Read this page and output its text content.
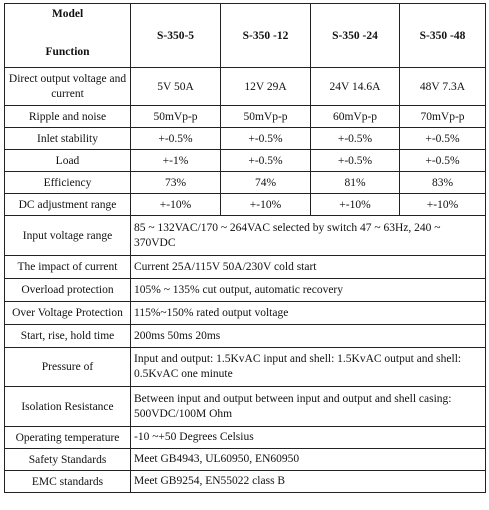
Model
Function	S-350-5	S-350 -12	S-350 -24	S-350 -48
Direct output voltage and current	5V 50A	12V 29A	24V 14.6A	48V 7.3A
Ripple and noise	50mVp-p	50mVp-p	60mVp-p	70mVp-p
Inlet stability	+-0.5%	+-0.5%	+-0.5%	+-0.5%
Load	+-1%	+-0.5%	+-0.5%	+-0.5%
Efficiency	73%	74%	81%	83%
DC adjustment range	+-10%	+-10%	+-10%	+-10%
Input voltage range	85 ~ 132VAC/170 ~ 264VAC selected by switch 47 ~ 63Hz, 240 ~ 370VDC			
The impact of current	Current 25A/115V 50A/230V cold start			
Overload protection	105% ~ 135% cut output, automatic recovery			
Over Voltage Protection	115%~150% rated output voltage			
Start, rise, hold time	200ms 50ms 20ms			
Pressure of	Input and output: 1.5KvAC input and shell: 1.5KvAC output and shell: 0.5KvAC one minute			
Isolation Resistance	Between input and output between input and output and shell casing: 500VDC/100M Ohm			
Operating temperature	-10 ~+50 Degrees Celsius			
Safety Standards	Meet GB4943, UL60950, EN60950			
EMC standards	Meet GB9254, EN55022 class B			
